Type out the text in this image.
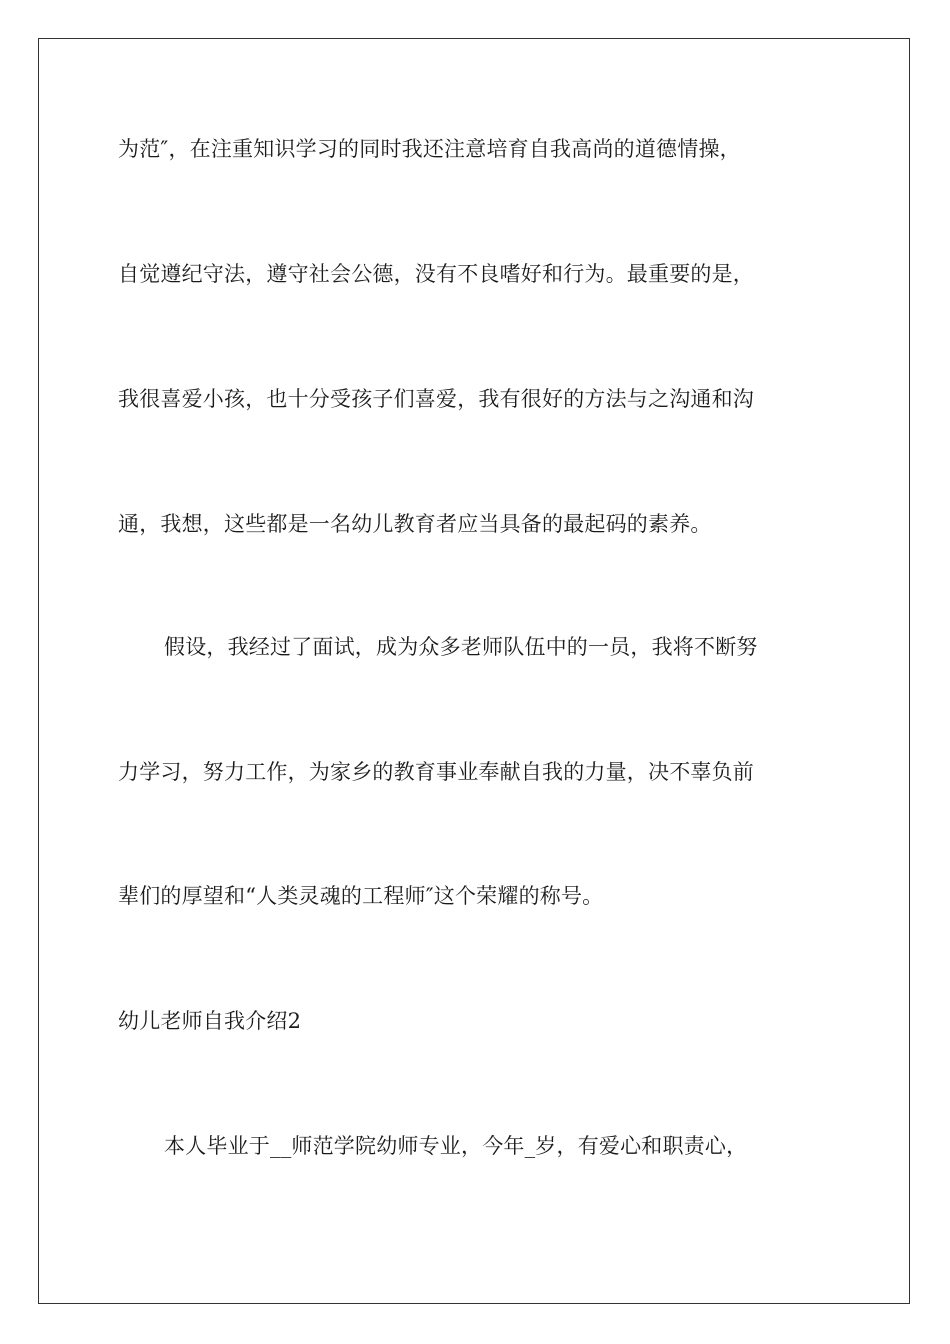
为范″，在注重知识学习的同时我还注意培育自我高尚的道德情操，
自觉遵纪守法，遵守社会公德，没有不良嗜好和行为。最重要的是，
我很喜爱小孩，也十分受孩子们喜爱，我有很好的方法与之沟通和沟
通，我想，这些都是一名幼儿教育者应当具备的最起码的素养。
假设，我经过了面试，成为众多老师队伍中的一员，我将不断努
力学习，努力工作，为家乡的教育事业奉献自我的力量，决不辜负前
辈们的厚望和“人类灵魂的工程师″这个荣耀的称号。
幼儿老师自我介绍2
本人毕业于__师范学院幼师专业，今年_岁，有爱心和职责心，
